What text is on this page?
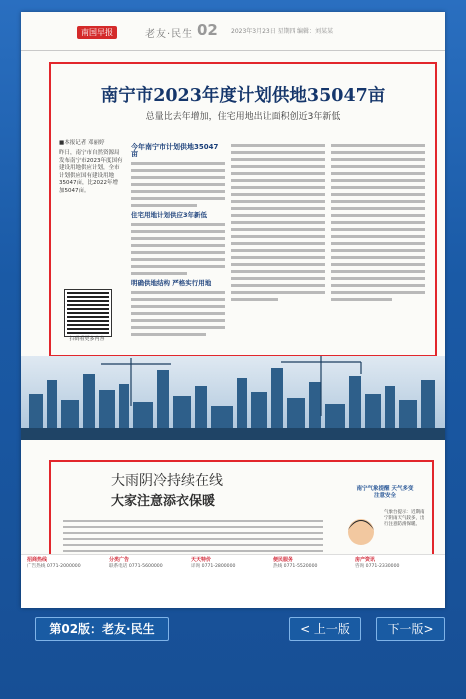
南国早报	老友·民生 02 2023年3月23日 星期四 编辑：刘某某
南宁市2023年度计划供地35047亩
总量比去年增加，住宅用地出让面积创近3年新低
■本报记者 邓丽婷
昨日，南宁市自然资源局发布南宁市2023年度国有建设用地供应计划，全市计划供应国有建设用地35047亩，比2022年增加5047亩。
扫码看更多内容
今年南宁市计划供地35047亩
住宅用地计划供应3年新低
明确供地结构 严格实行用地
大雨阴冷持续在线
大家注意添衣保暖
南宁气象提醒 天气多变注意安全
气象台提示：近期南宁阴雨天气较多，出行注意防滑保暖。
招商热线
广告热线 0771-2000000
分类广告
联系电话 0771-5600000
天天特价
详询 0771-2800000
便民服务
热线 0771-5520000
房产资讯
咨询 0771-2330000
第02版：老友·民生	< 上一版	下一版>
